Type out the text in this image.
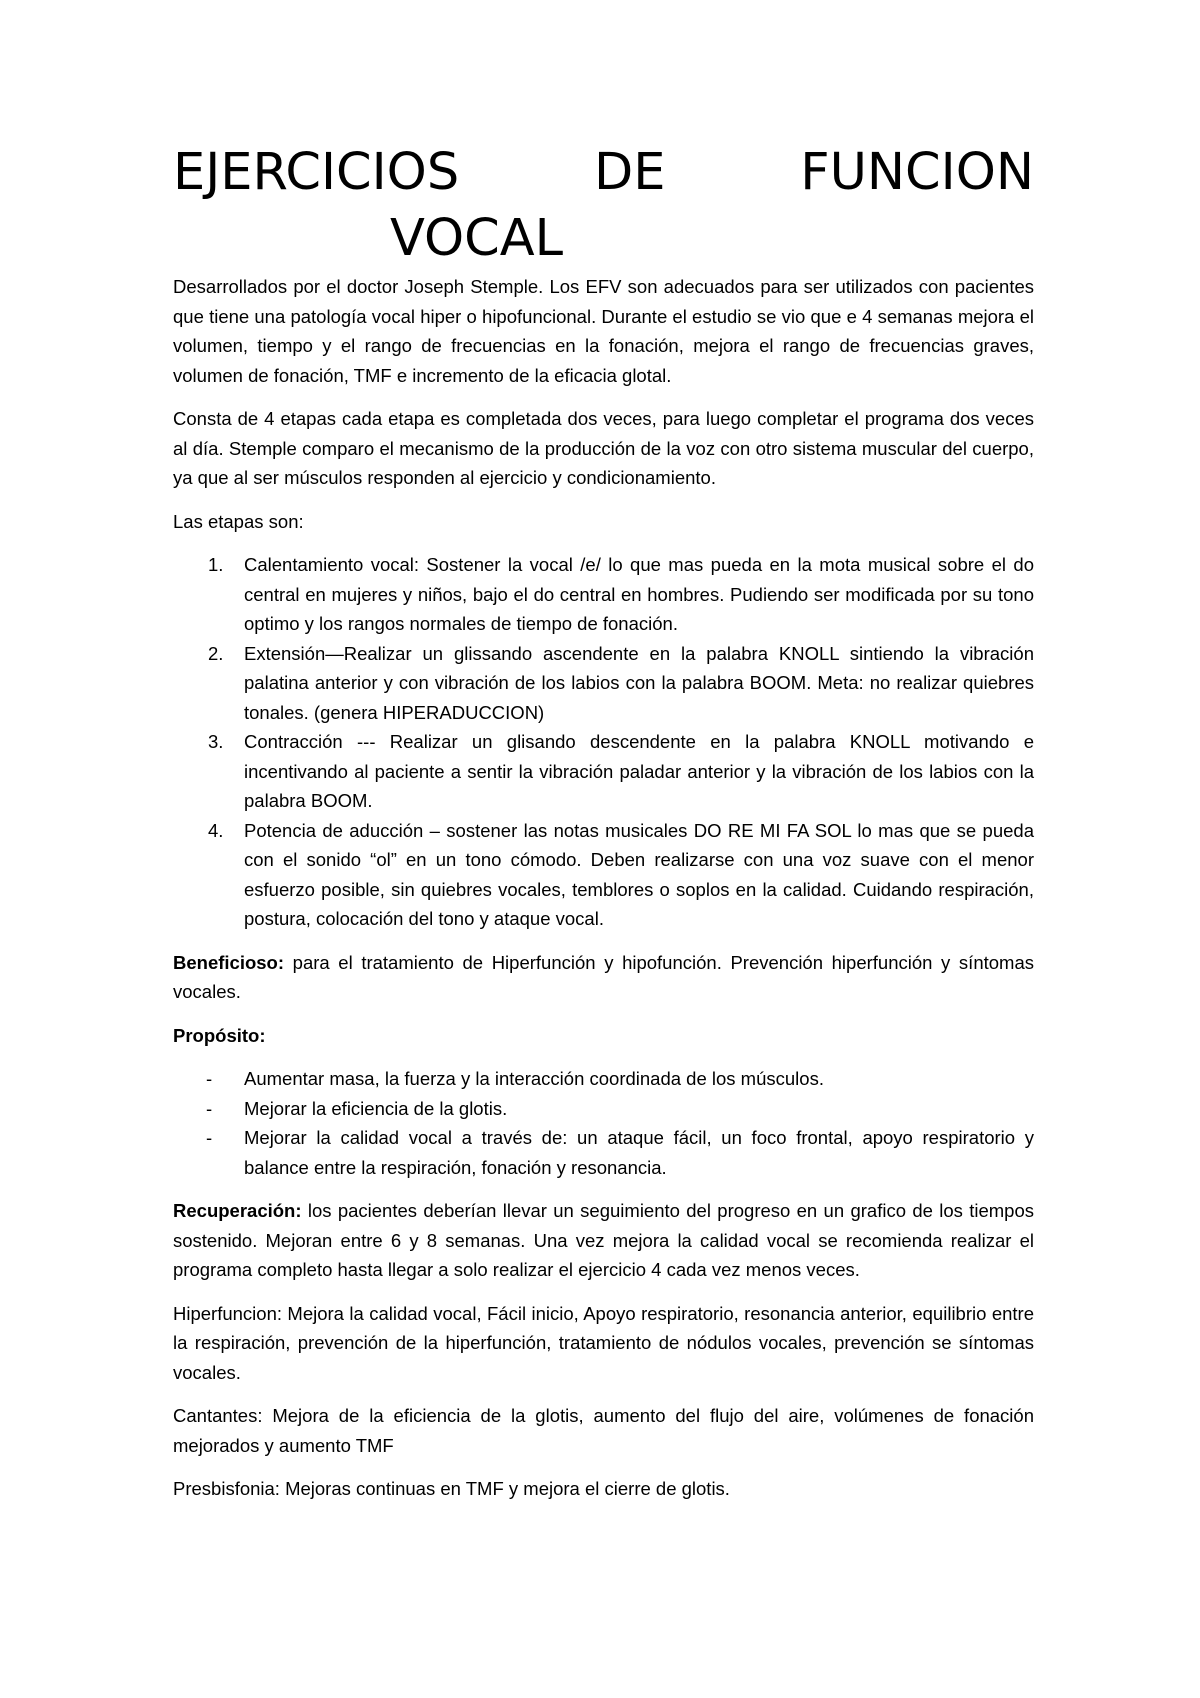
EJERCICIOS	DE	FUNCION
VOCAL

Desarrollados por el doctor Joseph Stemple. Los EFV son adecuados para ser utilizados con pacientes que tiene una patología vocal hiper o hipofuncional. Durante el estudio se vio que e 4 semanas mejora el volumen, tiempo y el rango de frecuencias en la fonación, mejora el rango de frecuencias graves, volumen de fonación, TMF e incremento de la eficacia glotal.

Consta de 4 etapas cada etapa es completada dos veces, para luego completar el programa dos veces al día. Stemple comparo el mecanismo de la producción de la voz con otro sistema muscular del cuerpo, ya que al ser músculos responden al ejercicio y condicionamiento.

Las etapas son:

1. Calentamiento vocal: Sostener la vocal /e/ lo que mas pueda en la mota musical sobre el do central en mujeres y niños, bajo el do central en hombres. Pudiendo ser modificada por su tono optimo y los rangos normales de tiempo de fonación.
2. Extensión—Realizar un glissando ascendente en la palabra KNOLL sintiendo la vibración palatina anterior y con vibración de los labios con la palabra BOOM. Meta: no realizar quiebres tonales. (genera HIPERADUCCION)
3. Contracción --- Realizar un glisando descendente en la palabra KNOLL motivando e incentivando al paciente a sentir la vibración paladar anterior y la vibración de los labios con la palabra BOOM.
4. Potencia de aducción – sostener las notas musicales DO RE MI FA SOL lo mas que se pueda con el sonido “ol” en un tono cómodo. Deben realizarse con una voz suave con el menor esfuerzo posible, sin quiebres vocales, temblores o soplos en la calidad. Cuidando respiración, postura, colocación del tono y ataque vocal.

Beneficioso: para el tratamiento de Hiperfunción y hipofunción. Prevención hiperfunción y síntomas vocales.

Propósito:

- Aumentar masa, la fuerza y la interacción coordinada de los músculos.
- Mejorar la eficiencia de la glotis.
- Mejorar la calidad vocal a través de: un ataque fácil, un foco frontal, apoyo respiratorio y balance entre la respiración, fonación y resonancia.

Recuperación: los pacientes deberían llevar un seguimiento del progreso en un grafico de los tiempos sostenido. Mejoran entre 6 y 8 semanas. Una vez mejora la calidad vocal se recomienda realizar el programa completo hasta llegar a solo realizar el ejercicio 4 cada vez menos veces.

Hiperfuncion: Mejora la calidad vocal, Fácil inicio, Apoyo respiratorio, resonancia anterior, equilibrio entre la respiración, prevención de la hiperfunción, tratamiento de nódulos vocales, prevención se síntomas vocales.

Cantantes: Mejora de la eficiencia de la glotis, aumento del flujo del aire, volúmenes de fonación mejorados y aumento TMF

Presbisfonia: Mejoras continuas en TMF y mejora el cierre de glotis.
